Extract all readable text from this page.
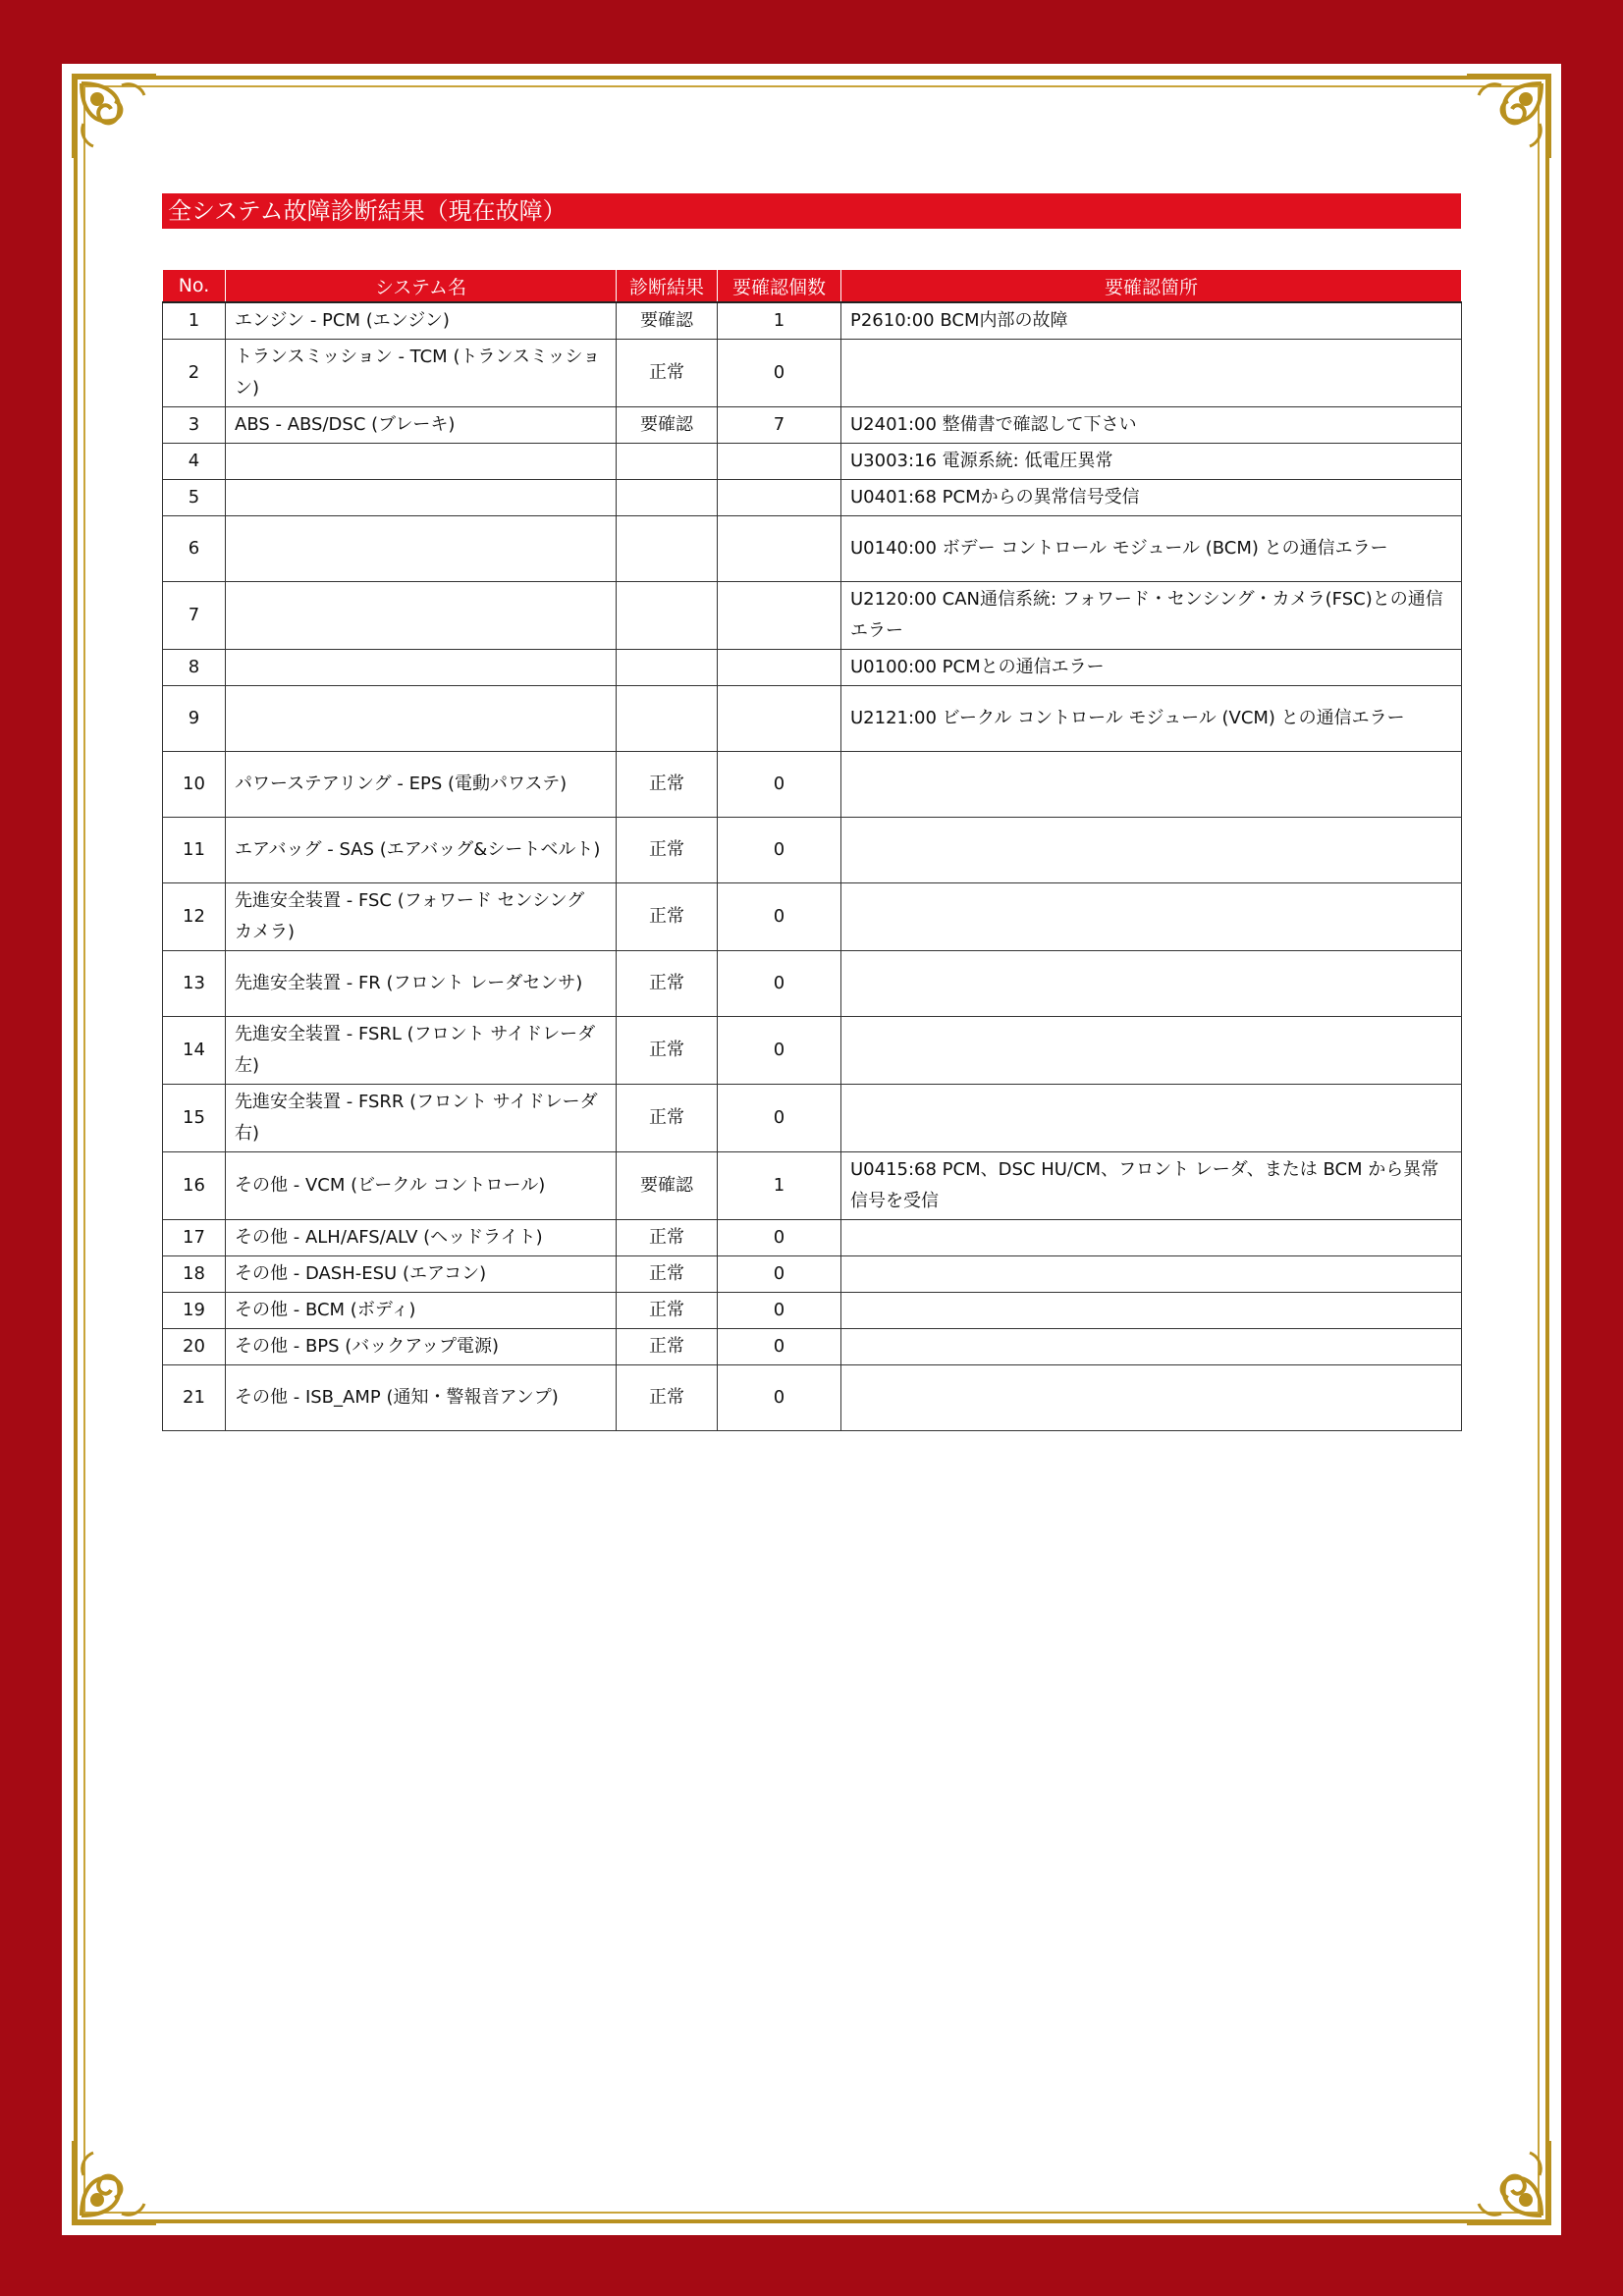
全システム故障診断結果（現在故障）
No.	システム名	診断結果	要確認個数	要確認箇所
1	エンジン - PCM (エンジン)	要確認	1	P2610:00 BCM内部の故障
2	トランスミッション - TCM (トランスミッション)	正常	0	
3	ABS - ABS/DSC (ブレーキ)	要確認	7	U2401:00 整備書で確認して下さい
4				U3003:16 電源系統: 低電圧異常
5				U0401:68 PCMからの異常信号受信
6				U0140:00 ボデー コントロール モジュール (BCM) との通信エラー
7				U2120:00 CAN通信系統: フォワード・センシング・カメラ(FSC)との通信エラー
8				U0100:00 PCMとの通信エラー
9				U2121:00 ビークル コントロール モジュール (VCM) との通信エラー
10	パワーステアリング - EPS (電動パワステ)	正常	0	
11	エアバッグ - SAS (エアバッグ&シートベルト)	正常	0	
12	先進安全装置 - FSC (フォワード センシング カメラ)	正常	0	
13	先進安全装置 - FR (フロント レーダセンサ)	正常	0	
14	先進安全装置 - FSRL (フロント サイドレーダ 左)	正常	0	
15	先進安全装置 - FSRR (フロント サイドレーダ 右)	正常	0	
16	その他 - VCM (ビークル コントロール)	要確認	1	U0415:68 PCM、DSC HU/CM、フロント レーダ、または BCM から異常信号を受信
17	その他 - ALH/AFS/ALV (ヘッドライト)	正常	0	
18	その他 - DASH-ESU (エアコン)	正常	0	
19	その他 - BCM (ボディ)	正常	0	
20	その他 - BPS (バックアップ電源)	正常	0	
21	その他 - ISB_AMP (通知・警報音アンプ)	正常	0	
